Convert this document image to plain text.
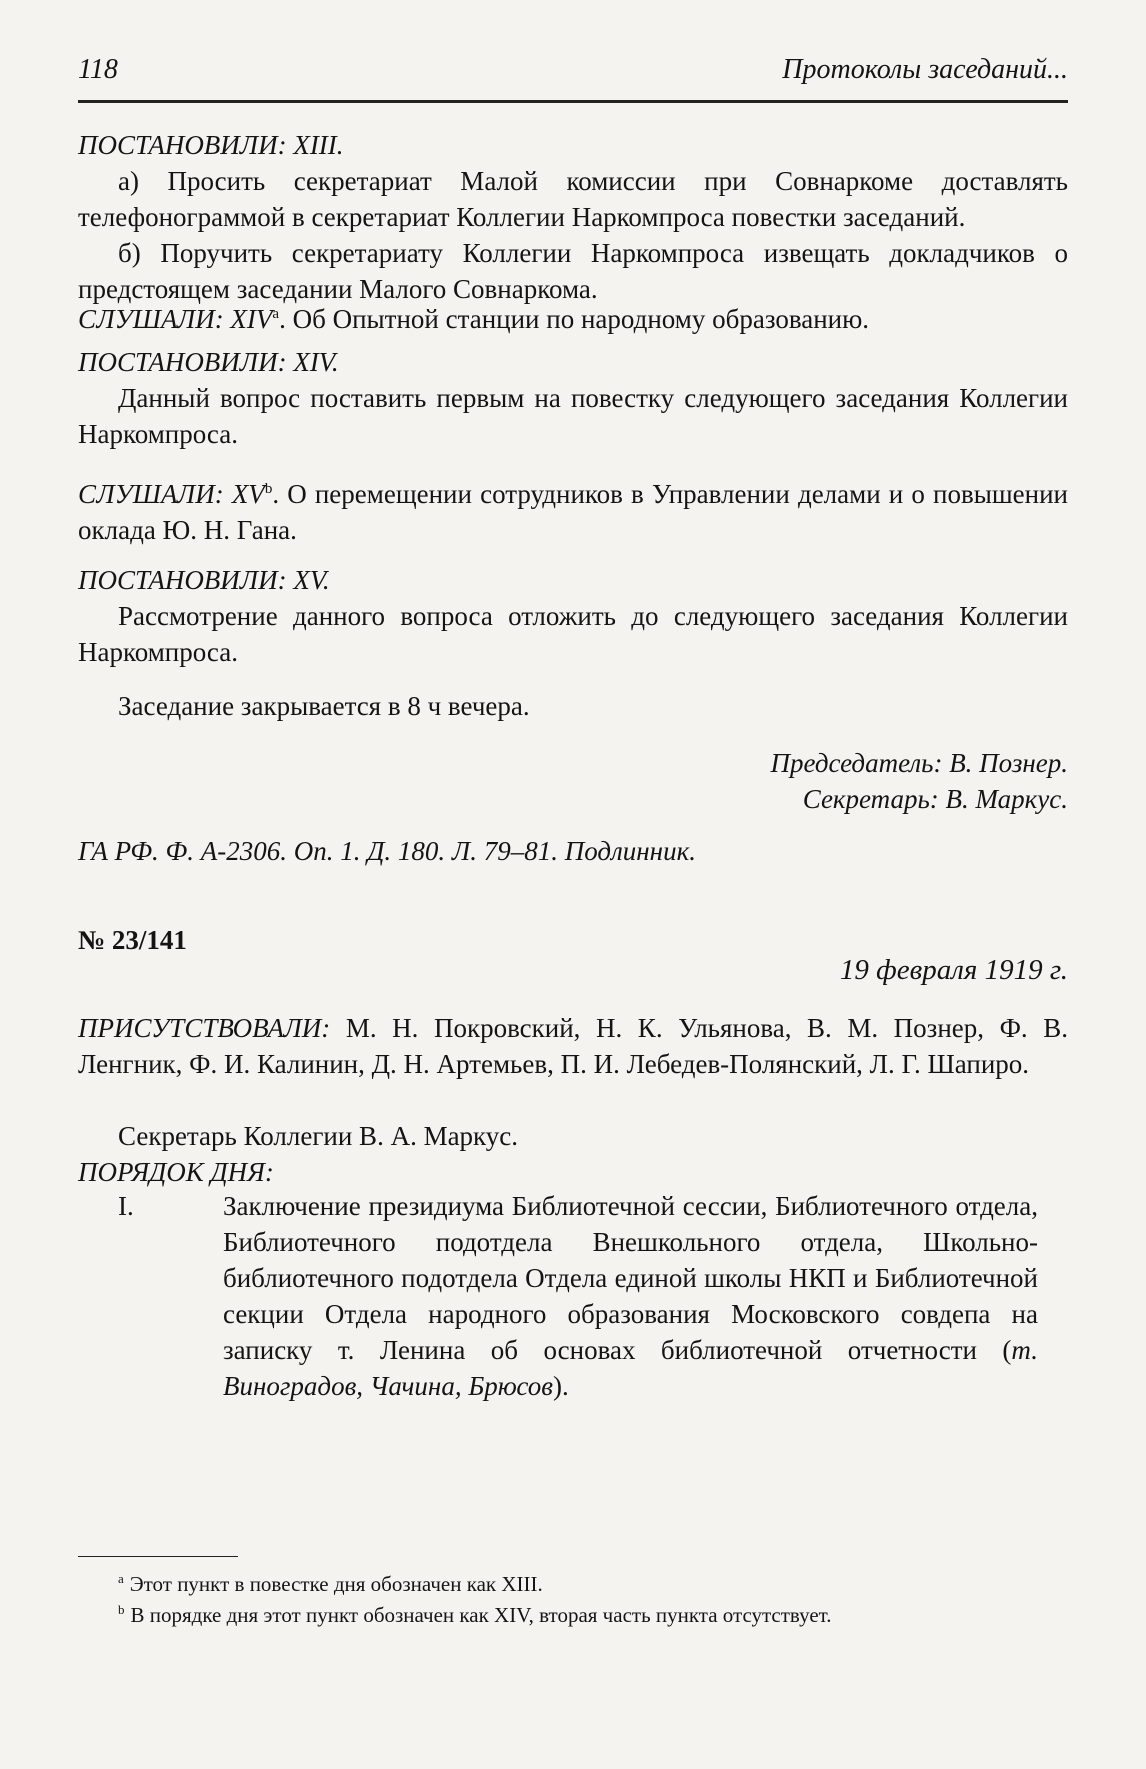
118	Протоколы заседаний...
ПОСТАНОВИЛИ: XIII.
а) Просить секретариат Малой комиссии при Совнаркоме доставлять телефонограммой в секретариат Коллегии Наркомпроса повестки заседаний.
б) Поручить секретариату Коллегии Наркомпроса извещать докладчиков о предстоящем заседании Малого Совнаркома.
СЛУШАЛИ: XIV$^a$. Об Опытной станции по народному образованию.
ПОСТАНОВИЛИ: XIV.
Данный вопрос поставить первым на повестку следующего заседания Коллегии Наркомпроса.
СЛУШАЛИ: $XV^b$. О перемещении сотрудников в Управлении делами и о повышении оклада Ю. Н. Гана.
ПОСТАНОВИЛИ: XV.
Рассмотрение данного вопроса отложить до следующего заседания Коллегии Наркомпроса.
Заседание закрывается в 8 ч вечера.
Председатель: В. Познер.
Секретарь: В. Маркус.
ГА РФ. Ф. А-2306. Оп. 1. Д. 180. Л. 79–81. Подлинник.
№ 23/141
19 февраля 1919 г.
ПРИСУТСТВОВАЛИ: М. Н. Покровский, Н. К. Ульянова, В. М. Познер, Ф. В. Ленгник, Ф. И. Калинин, Д. Н. Артемьев, П. И. Лебедев-Полянский, Л. Г. Шапиро.
Секретарь Коллегии В. А. Маркус.
ПОРЯДОК ДНЯ:
I.	Заключение президиума Библиотечной сессии, Библиотечного отдела, Библиотечного подотдела Внешкольного отдела, Школьно-библиотечного подотдела Отдела единой школы НКП и Библиотечной секции Отдела народного образования Московского совдепа на записку т. Ленина об основах библиотечной отчетности (т. Виноградов, Чачина, Брюсов).
$^a$ Этот пункт в повестке дня обозначен как XIII.
$^b$ В порядке дня этот пункт обозначен как XIV, вторая часть пункта отсутствует.
